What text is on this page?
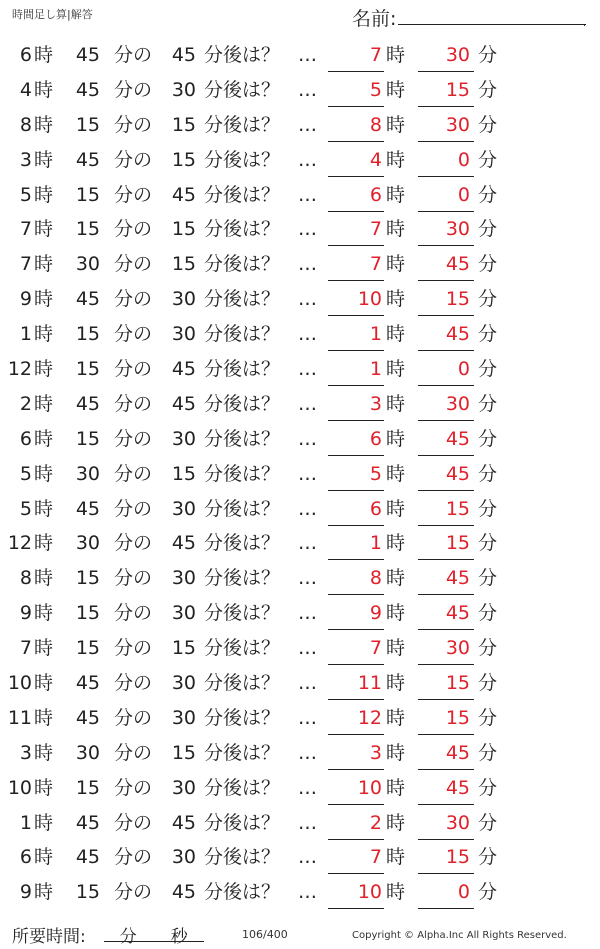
時間足し算|解答	名前:	.
6 時 45 分の 45 分後は？ …	7 時 30 分
4 時 45 分の 30 分後は？ …	5 時 15 分
8 時 15 分の 15 分後は？ …	8 時 30 分
3 時 45 分の 15 分後は？ …	4 時	0 分
5 時 15 分の 45 分後は？ …	6 時	0 分
7 時 15 分の 15 分後は？ …	7 時 30 分
7 時 30 分の 15 分後は？ …	7 時 45 分
9 時 45 分の 30 分後は？ … 10 時 15 分
1 時 15 分の 30 分後は？ …	1 時 45 分
12 時 15 分の 45 分後は？ …	1 時	0 分
2 時 45 分の 45 分後は？ …	3 時 30 分
6 時 15 分の 30 分後は？ …	6 時 45 分
5 時 30 分の 15 分後は？ …	5 時 45 分
5 時 45 分の 30 分後は？ …	6 時 15 分
12 時 30 分の 45 分後は？ …	1 時 15 分
8 時 15 分の 30 分後は？ …	8 時 45 分
9 時 15 分の 30 分後は？ …	9 時 45 分
7 時 15 分の 15 分後は？ …	7 時 30 分
10 時 45 分の 30 分後は？ … 11 時 15 分
11 時 45 分の 30 分後は？ … 12 時 15 分
3 時 30 分の 15 分後は？ …	3 時 45 分
10 時 15 分の 30 分後は？ … 10 時 45 分
1 時 45 分の 45 分後は？ …	2 時 30 分
6 時 45 分の 30 分後は？ …	7 時 15 分
9 時 15 分の 45 分後は？ … 10 時	0 分
所要時間:　　分　　秒	106/400	Copyright © Alpha.Inc All Rights Reserved.
